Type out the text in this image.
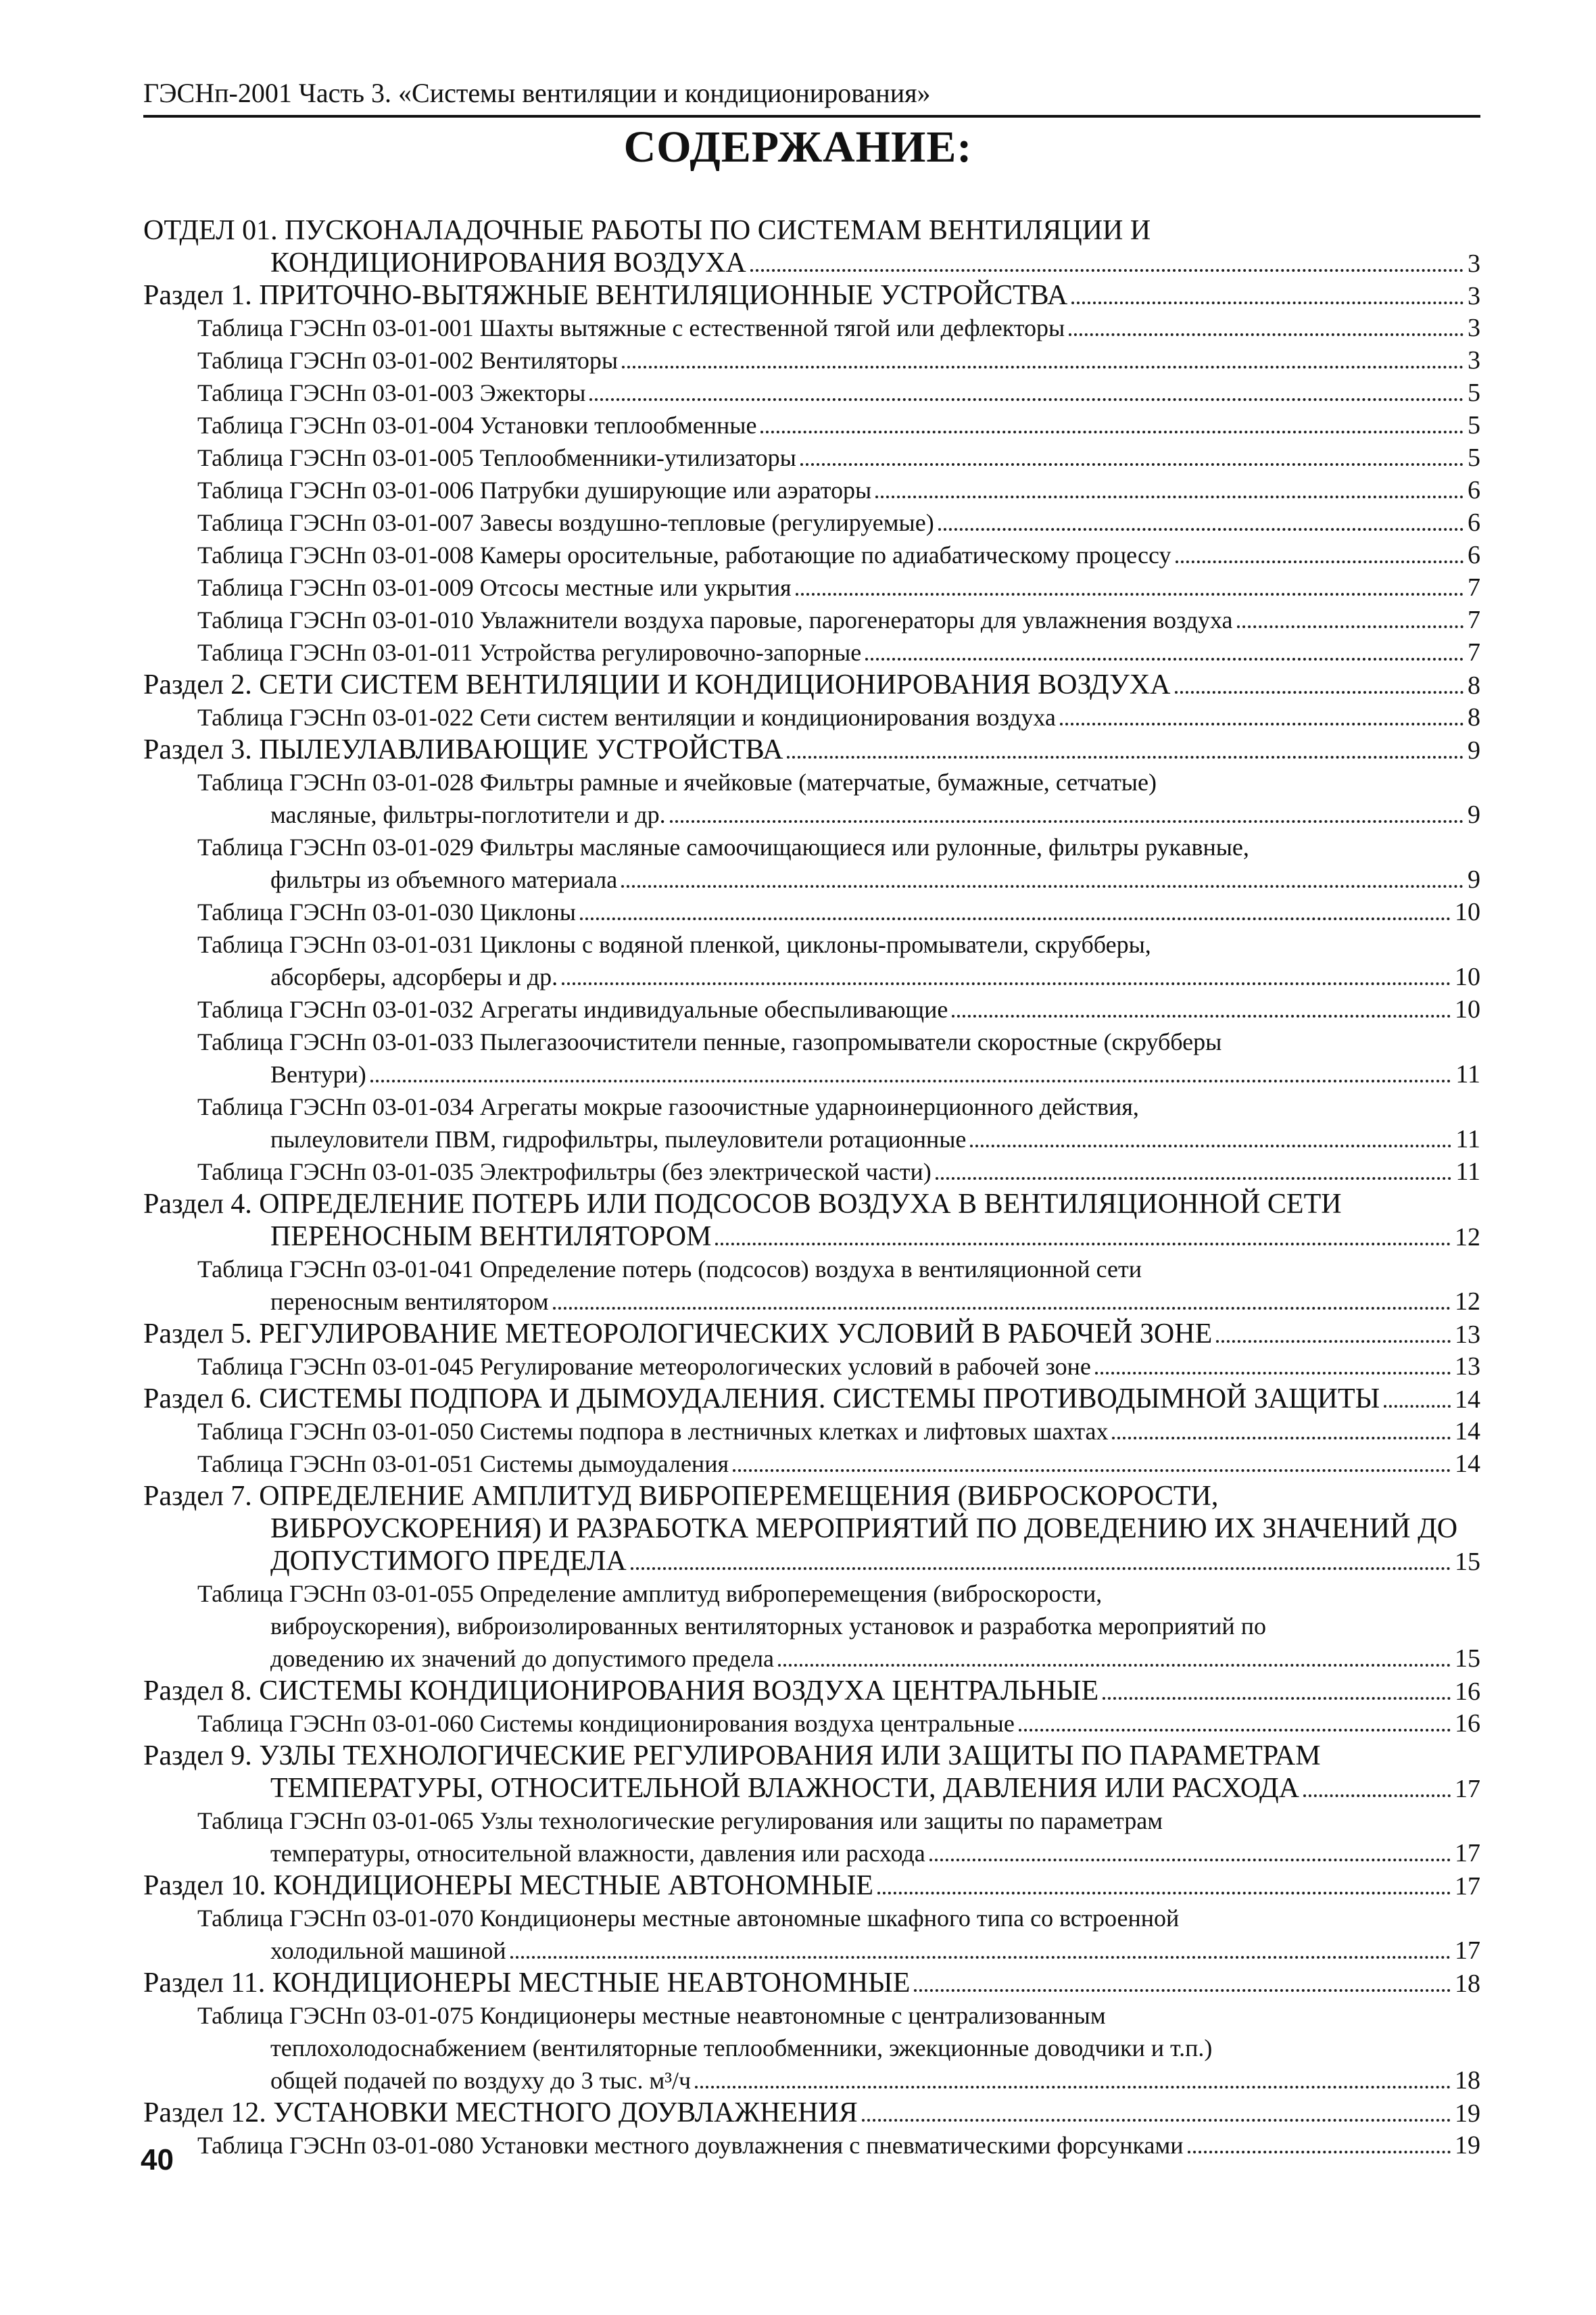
ГЭСНп-2001 Часть 3. «Системы вентиляции и кондиционирования»
СОДЕРЖАНИЕ:
ОТДЕЛ 01. ПУСКОНАЛАДОЧНЫЕ РАБОТЫ ПО СИСТЕМАМ ВЕНТИЛЯЦИИ И
КОНДИЦИОНИРОВАНИЯ ВОЗДУХА	3
Раздел 1. ПРИТОЧНО-ВЫТЯЖНЫЕ ВЕНТИЛЯЦИОННЫЕ УСТРОЙСТВА	3
Таблица ГЭСНп 03-01-001 Шахты вытяжные с естественной тягой или дефлекторы	3
Таблица ГЭСНп 03-01-002 Вентиляторы	3
Таблица ГЭСНп 03-01-003 Эжекторы	5
Таблица ГЭСНп 03-01-004 Установки теплообменные	5
Таблица ГЭСНп 03-01-005 Теплообменники-утилизаторы	5
Таблица ГЭСНп 03-01-006 Патрубки душирующие или аэраторы	6
Таблица ГЭСНп 03-01-007 Завесы воздушно-тепловые (регулируемые)	6
Таблица ГЭСНп 03-01-008 Камеры оросительные, работающие по адиабатическому процессу	6
Таблица ГЭСНп 03-01-009 Отсосы местные или укрытия	7
Таблица ГЭСНп 03-01-010 Увлажнители воздуха паровые, парогенераторы для увлажнения воздуха	7
Таблица ГЭСНп 03-01-011 Устройства регулировочно-запорные	7
Раздел 2. СЕТИ СИСТЕМ ВЕНТИЛЯЦИИ И КОНДИЦИОНИРОВАНИЯ ВОЗДУХА	8
Таблица ГЭСНп 03-01-022 Сети систем вентиляции и кондиционирования воздуха	8
Раздел 3. ПЫЛЕУЛАВЛИВАЮЩИЕ УСТРОЙСТВА	9
Таблица ГЭСНп 03-01-028 Фильтры рамные и ячейковые (матерчатые, бумажные, сетчатые)
масляные, фильтры-поглотители и др.	9
Таблица ГЭСНп 03-01-029 Фильтры масляные самоочищающиеся или рулонные, фильтры рукавные,
фильтры из объемного материала	9
Таблица ГЭСНп 03-01-030 Циклоны	10
Таблица ГЭСНп 03-01-031 Циклоны с водяной пленкой, циклоны-промыватели, скрубберы,
абсорберы, адсорберы и др.	10
Таблица ГЭСНп 03-01-032 Агрегаты индивидуальные обеспыливающие	10
Таблица ГЭСНп 03-01-033 Пылегазоочистители пенные, газопромыватели скоростные (скрубберы
Вентури)	11
Таблица ГЭСНп 03-01-034 Агрегаты мокрые газоочистные ударноинерционного действия,
пылеуловители ПВМ, гидрофильтры, пылеуловители ротационные	11
Таблица ГЭСНп 03-01-035 Электрофильтры (без электрической части)	11
Раздел 4. ОПРЕДЕЛЕНИЕ ПОТЕРЬ ИЛИ ПОДСОСОВ ВОЗДУХА В ВЕНТИЛЯЦИОННОЙ СЕТИ
ПЕРЕНОСНЫМ ВЕНТИЛЯТОРОМ	12
Таблица ГЭСНп 03-01-041 Определение потерь (подсосов) воздуха в вентиляционной сети
переносным вентилятором	12
Раздел 5. РЕГУЛИРОВАНИЕ МЕТЕОРОЛОГИЧЕСКИХ УСЛОВИЙ В РАБОЧЕЙ ЗОНЕ	13
Таблица ГЭСНп 03-01-045 Регулирование метеорологических условий в рабочей зоне	13
Раздел 6. СИСТЕМЫ ПОДПОРА И ДЫМОУДАЛЕНИЯ. СИСТЕМЫ ПРОТИВОДЫМНОЙ ЗАЩИТЫ	14
Таблица ГЭСНп 03-01-050 Системы подпора в лестничных клетках и лифтовых шахтах	14
Таблица ГЭСНп 03-01-051 Системы дымоудаления	14
Раздел 7. ОПРЕДЕЛЕНИЕ АМПЛИТУД ВИБРОПЕРЕМЕЩЕНИЯ (ВИБРОСКОРОСТИ,
ВИБРОУСКОРЕНИЯ) И РАЗРАБОТКА МЕРОПРИЯТИЙ ПО ДОВЕДЕНИЮ ИХ ЗНАЧЕНИЙ ДО
ДОПУСТИМОГО ПРЕДЕЛА	15
Таблица ГЭСНп 03-01-055 Определение амплитуд виброперемещения (виброскорости,
виброускорения), виброизолированных вентиляторных установок и разработка мероприятий по
доведению их значений до допустимого предела	15
Раздел 8. СИСТЕМЫ КОНДИЦИОНИРОВАНИЯ ВОЗДУХА ЦЕНТРАЛЬНЫЕ	16
Таблица ГЭСНп 03-01-060 Системы кондиционирования воздуха центральные	16
Раздел 9. УЗЛЫ ТЕХНОЛОГИЧЕСКИЕ РЕГУЛИРОВАНИЯ ИЛИ ЗАЩИТЫ ПО ПАРАМЕТРАМ
ТЕМПЕРАТУРЫ, ОТНОСИТЕЛЬНОЙ ВЛАЖНОСТИ, ДАВЛЕНИЯ ИЛИ РАСХОДА	17
Таблица ГЭСНп 03-01-065 Узлы технологические регулирования или защиты по параметрам
температуры, относительной влажности, давления или расхода	17
Раздел 10. КОНДИЦИОНЕРЫ МЕСТНЫЕ АВТОНОМНЫЕ	17
Таблица ГЭСНп 03-01-070 Кондиционеры местные автономные шкафного типа со встроенной
холодильной машиной	17
Раздел 11. КОНДИЦИОНЕРЫ МЕСТНЫЕ НЕАВТОНОМНЫЕ	18
Таблица ГЭСНп 03-01-075 Кондиционеры местные неавтономные с централизованным
теплохолодоснабжением (вентиляторные теплообменники, эжекционные доводчики и т.п.)
общей подачей по воздуху до 3 тыс. м³/ч	18
Раздел 12. УСТАНОВКИ МЕСТНОГО ДОУВЛАЖНЕНИЯ	19
Таблица ГЭСНп 03-01-080 Установки местного доувлажнения с пневматическими форсунками	19
40
